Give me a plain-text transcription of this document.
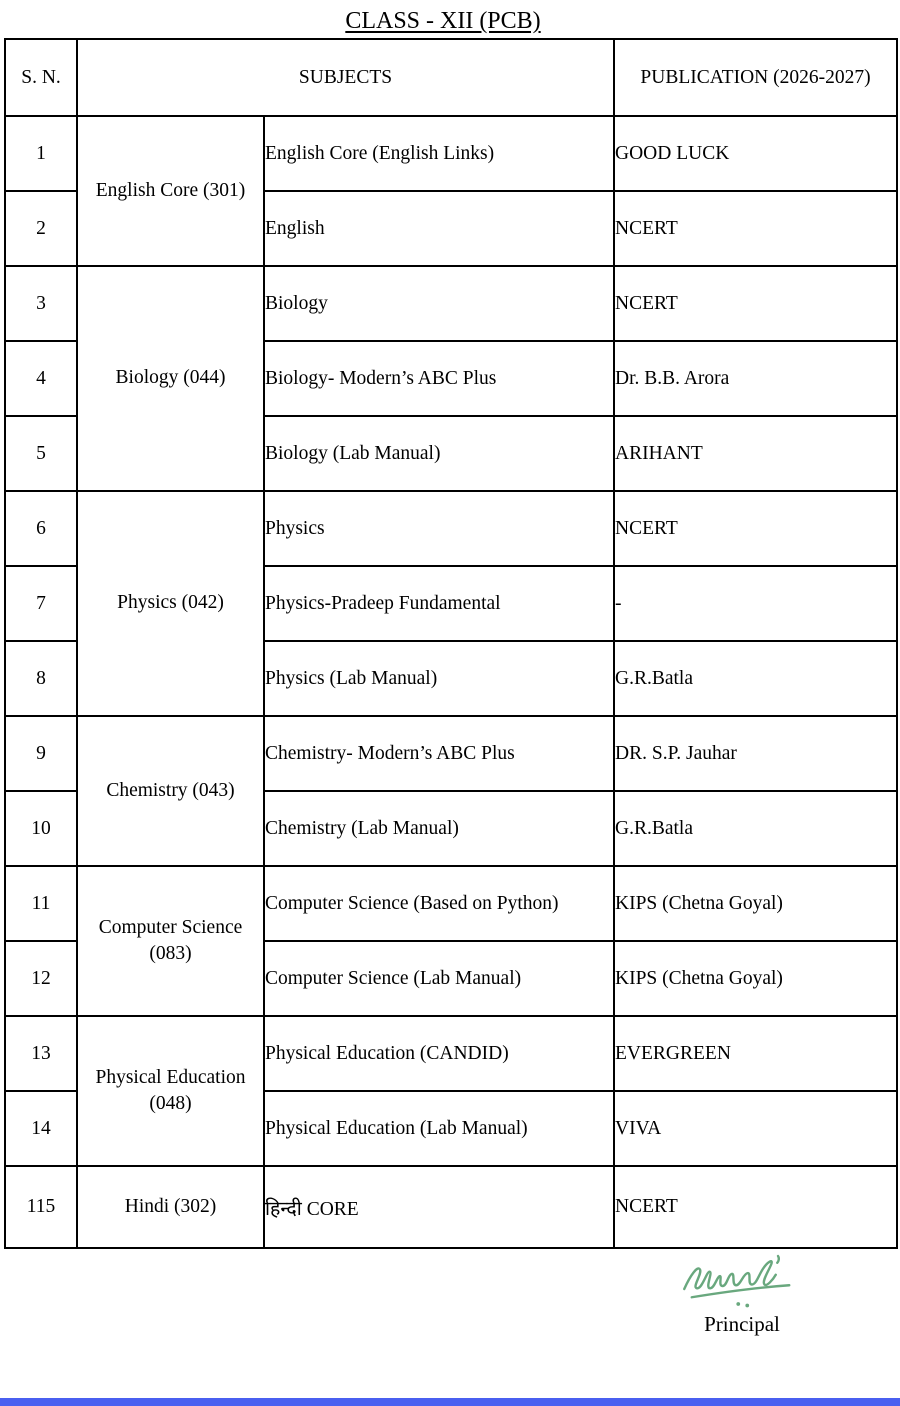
CLASS - XII (PCB)
S. N.	SUBJECTS		PUBLICATION (2026-2027)
1	English Core (301)	English Core (English Links)	GOOD LUCK
2		English	NCERT
3	Biology (044)	Biology	NCERT
4		Biology- Modern’s ABC Plus	Dr. B.B. Arora
5		Biology (Lab Manual)	ARIHANT
6	Physics (042)	Physics	NCERT
7		Physics-Pradeep Fundamental	-
8		Physics (Lab Manual)	G.R.Batla
9	Chemistry (043)	Chemistry- Modern’s ABC Plus	DR. S.P. Jauhar
10		Chemistry (Lab Manual)	G.R.Batla
11	Computer Science (083)	Computer Science (Based on Python)	KIPS (Chetna Goyal)
12		Computer Science (Lab Manual)	KIPS (Chetna Goyal)
13	Physical Education (048)	Physical Education (CANDID)	EVERGREEN
14		Physical Education (Lab Manual)	VIVA
115	Hindi (302)	हिन्दी CORE	NCERT
Principal
